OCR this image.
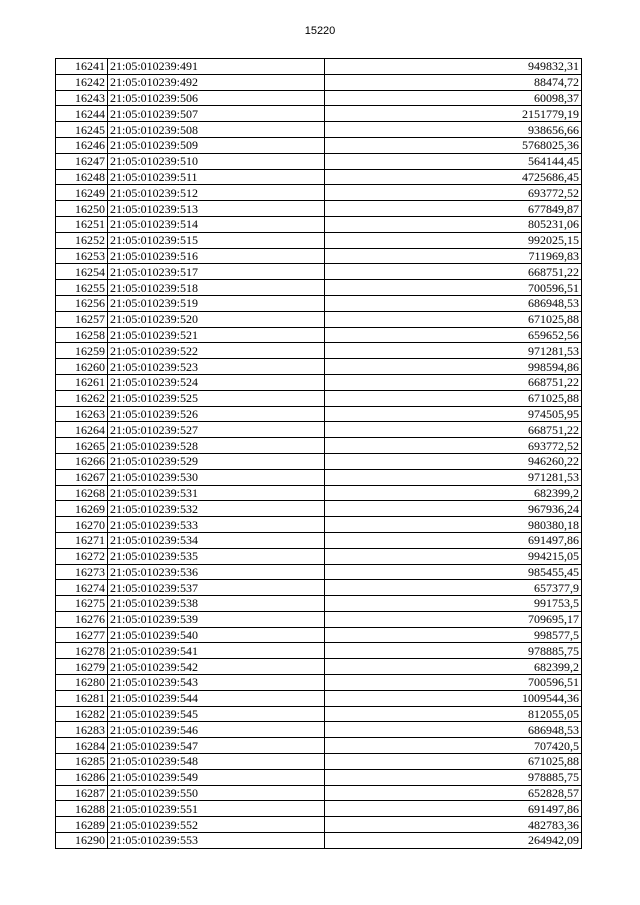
15220
16241	21:05:010239:491	949832,31
16242	21:05:010239:492	88474,72
16243	21:05:010239:506	60098,37
16244	21:05:010239:507	2151779,19
16245	21:05:010239:508	938656,66
16246	21:05:010239:509	5768025,36
16247	21:05:010239:510	564144,45
16248	21:05:010239:511	4725686,45
16249	21:05:010239:512	693772,52
16250	21:05:010239:513	677849,87
16251	21:05:010239:514	805231,06
16252	21:05:010239:515	992025,15
16253	21:05:010239:516	711969,83
16254	21:05:010239:517	668751,22
16255	21:05:010239:518	700596,51
16256	21:05:010239:519	686948,53
16257	21:05:010239:520	671025,88
16258	21:05:010239:521	659652,56
16259	21:05:010239:522	971281,53
16260	21:05:010239:523	998594,86
16261	21:05:010239:524	668751,22
16262	21:05:010239:525	671025,88
16263	21:05:010239:526	974505,95
16264	21:05:010239:527	668751,22
16265	21:05:010239:528	693772,52
16266	21:05:010239:529	946260,22
16267	21:05:010239:530	971281,53
16268	21:05:010239:531	682399,2
16269	21:05:010239:532	967936,24
16270	21:05:010239:533	980380,18
16271	21:05:010239:534	691497,86
16272	21:05:010239:535	994215,05
16273	21:05:010239:536	985455,45
16274	21:05:010239:537	657377,9
16275	21:05:010239:538	991753,5
16276	21:05:010239:539	709695,17
16277	21:05:010239:540	998577,5
16278	21:05:010239:541	978885,75
16279	21:05:010239:542	682399,2
16280	21:05:010239:543	700596,51
16281	21:05:010239:544	1009544,36
16282	21:05:010239:545	812055,05
16283	21:05:010239:546	686948,53
16284	21:05:010239:547	707420,5
16285	21:05:010239:548	671025,88
16286	21:05:010239:549	978885,75
16287	21:05:010239:550	652828,57
16288	21:05:010239:551	691497,86
16289	21:05:010239:552	482783,36
16290	21:05:010239:553	264942,09
